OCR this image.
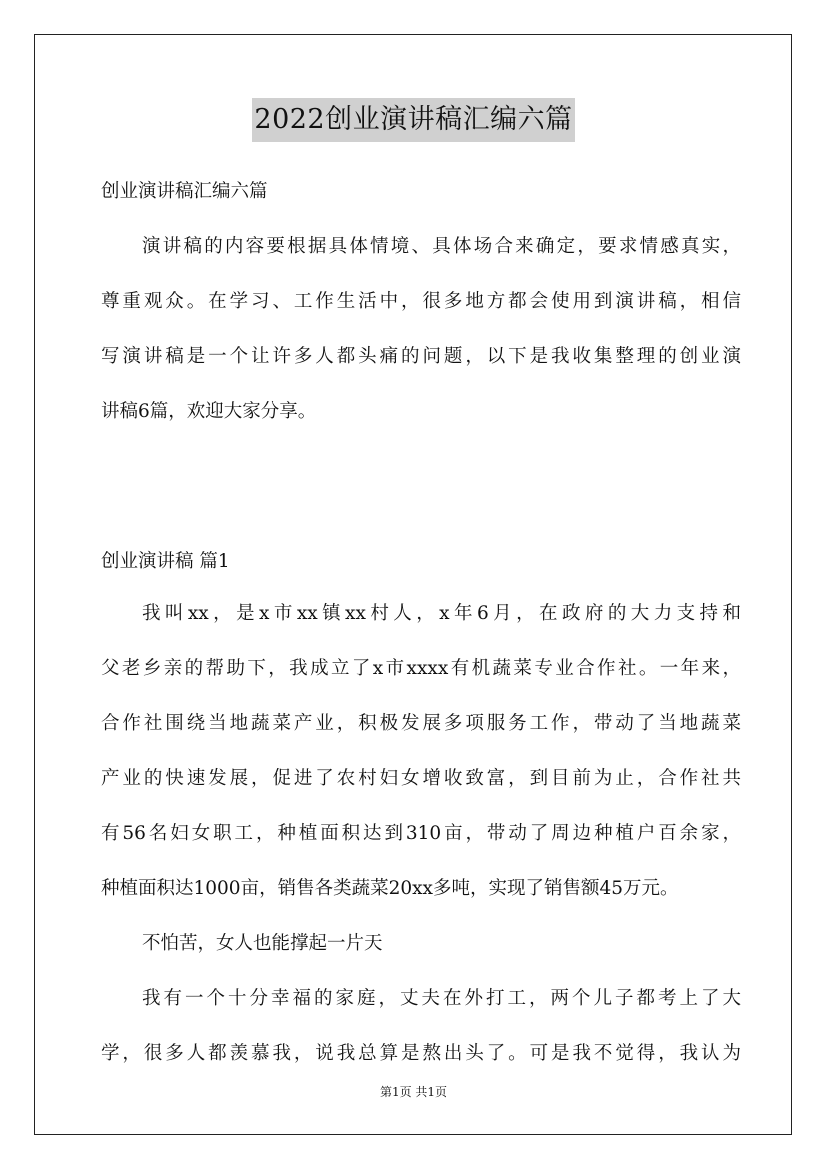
2022创业演讲稿汇编六篇
创业演讲稿汇编六篇
演讲稿的内容要根据具体情境、具体场合来确定，要求情感真实，
尊重观众。在学习、工作生活中，很多地方都会使用到演讲稿，相信
写演讲稿是一个让许多人都头痛的问题，以下是我收集整理的创业演
讲稿6篇，欢迎大家分享。
创业演讲稿 篇1
我叫xx，是x市xx镇xx村人，x年6月，在政府的大力支持和
父老乡亲的帮助下，我成立了x市xxxx有机蔬菜专业合作社。一年来，
合作社围绕当地蔬菜产业，积极发展多项服务工作，带动了当地蔬菜
产业的快速发展，促进了农村妇女增收致富，到目前为止，合作社共
有56名妇女职工，种植面积达到310亩，带动了周边种植户百余家，
种植面积达1000亩，销售各类蔬菜20xx多吨，实现了销售额45万元。
不怕苦，女人也能撑起一片天
我有一个十分幸福的家庭，丈夫在外打工，两个儿子都考上了大
学，很多人都羡慕我，说我总算是熬出头了。可是我不觉得，我认为
第1页 共1页
